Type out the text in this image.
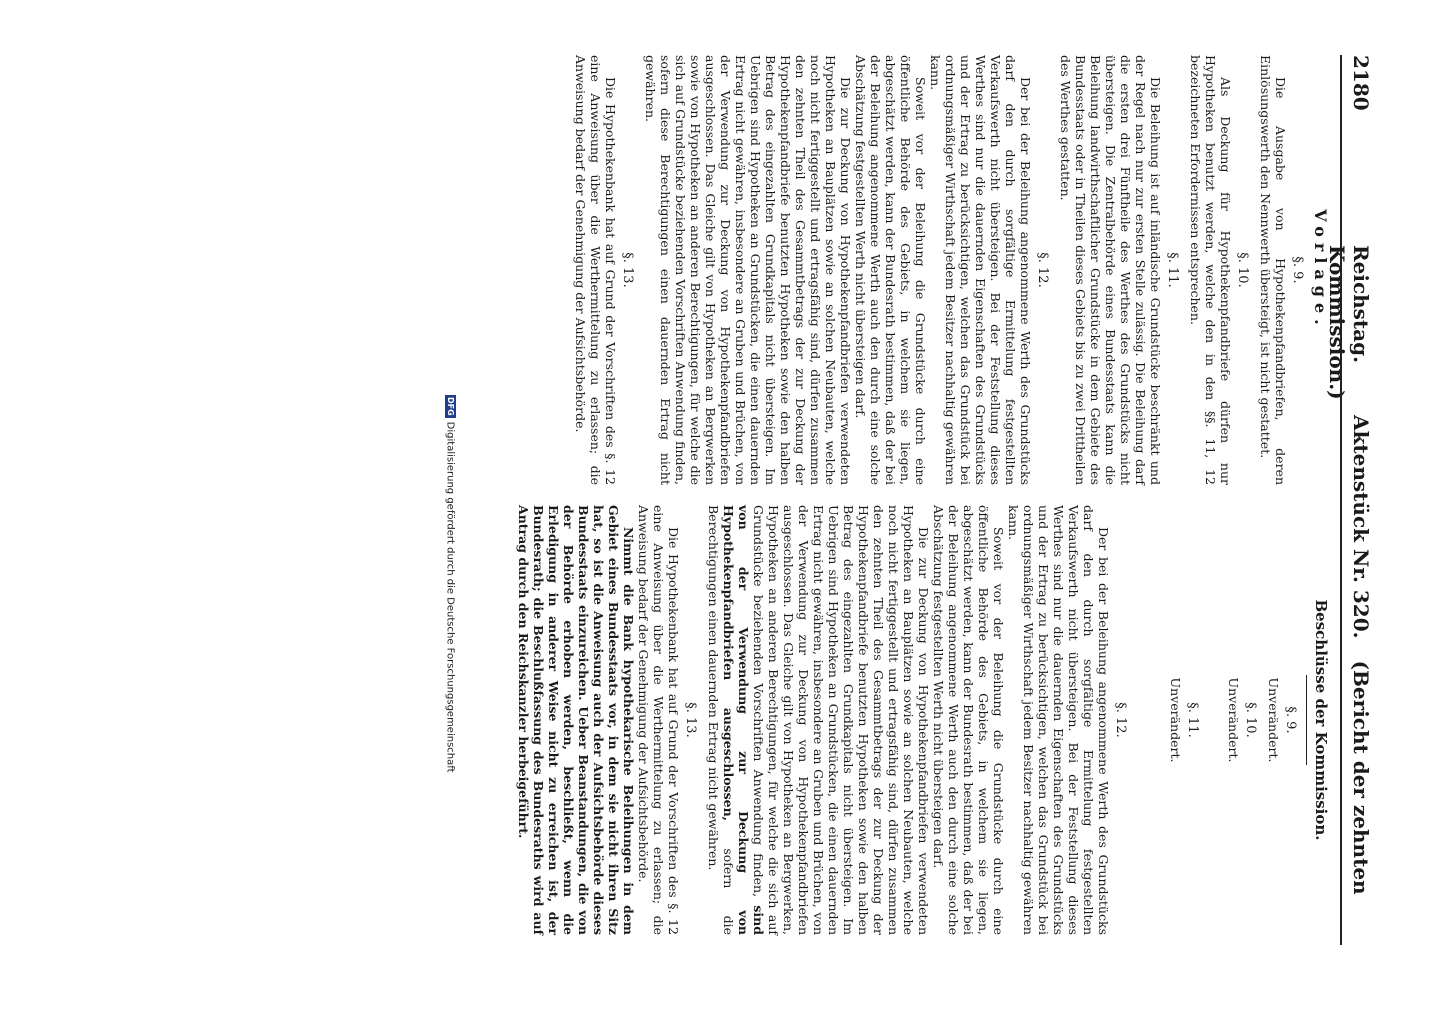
2180
Reichstag. Aktenstück Nr. 320. (Bericht der zehnten Kommission.)
Vorlage.
§. 9.

Die Ausgabe von Hypothekenpfandbriefen, deren Einlösungswerth den Nennwerth übersteigt, ist nicht gestattet.

§. 10.

Als Deckung für Hypothekenpfandbriefe dürfen nur Hypotheken benutzt werden, welche den in den §§. 11, 12 bezeichneten Erfordernissen entsprechen.

§. 11.

Die Beleihung ist auf inländische Grundstücke beschränkt und der Regel nach nur zur ersten Stelle zulässig. Die Beleihung darf die ersten drei Fünftheile des Werthes des Grundstücks nicht übersteigen. Die Zentralbehörde eines Bundesstaats kann die Beleihung landwirthschaftlicher Grundstücke in dem Gebiete des Bundesstaats oder in Theilen dieses Gebiets bis zu zwei Drittheilen des Werthes gestatten.

§. 12.

Der bei der Beleihung angenommene Werth des Grundstücks darf den durch sorgfältige Ermittelung festgestellten Verkaufswerth nicht übersteigen. Bei der Feststellung dieses Werthes sind nur die dauernden Eigenschaften des Grundstücks und der Ertrag zu berücksichtigen, welchen das Grundstück bei ordnungsmäßiger Wirthschaft jedem Besitzer nachhaltig gewähren kann.

Soweit vor der Beleihung die Grundstücke durch eine öffentliche Behörde des Gebiets, in welchem sie liegen, abgeschätzt werden, kann der Bundesrath bestimmen, daß der bei der Beleihung angenommene Werth auch den durch eine solche Abschätzung festgestellten Werth nicht übersteigen darf.

Die zur Deckung von Hypothekenpfandbriefen verwendeten Hypotheken an Bauplätzen sowie an solchen Neubauten, welche noch nicht fertiggestellt und ertragsfähig sind, dürfen zusammen den zehnten Theil des Gesammtbetrags der zur Deckung der Hypothekenpfandbriefe benutzten Hypotheken sowie den halben Betrag des eingezahlten Grundkapitals nicht übersteigen. Im Uebrigen sind Hypotheken an Grundstücken, die einen dauernden Ertrag nicht gewähren, insbesondere an Gruben und Brüchen, von der Verwendung zur Deckung von Hypothekenpfandbriefen ausgeschlossen. Das Gleiche gilt von Hypotheken an Bergwerken sowie von Hypotheken an anderen Berechtigungen, für welche die sich auf Grundstücke beziehenden Vorschriften Anwendung finden, sofern diese Berechtigungen einen dauernden Ertrag nicht gewähren.

§. 13.

Die Hypothekenbank hat auf Grund der Vorschriften des §. 12 eine Anweisung über die Werthermittelung zu erlassen; die Anweisung bedarf der Genehmigung der Aufsichtsbehörde.

Beschlüsse der Kommission.
§. 9.
Unverändert.
§. 10.
Unverändert.
§. 11.
Unverändert.
§. 12.

Der bei der Beleihung angenommene Werth des Grundstücks darf den durch sorgfältige Ermittelung festgestellten Verkaufswerth nicht übersteigen. Bei der Feststellung dieses Werthes sind nur die dauernden Eigenschaften des Grundstücks und der Ertrag zu berücksichtigen, welchen das Grundstück bei ordnungsmäßiger Wirthschaft jedem Besitzer nachhaltig gewähren kann.

Soweit vor der Beleihung die Grundstücke durch eine öffentliche Behörde des Gebiets, in welchem sie liegen, abgeschätzt werden, kann der Bundesrath bestimmen, daß der bei der Beleihung angenommene Werth auch den durch eine solche Abschätzung festgestellten Werth nicht übersteigen darf.

Die zur Deckung von Hypothekenpfandbriefen verwendeten Hypotheken an Bauplätzen sowie an solchen Neubauten, welche noch nicht fertiggestellt und ertragsfähig sind, dürfen zusammen den zehnten Theil des Gesammtbetrags der zur Deckung der Hypothekenpfandbriefe benutzten Hypotheken sowie den halben Betrag des eingezahlten Grundkapitals nicht übersteigen. Im Uebrigen sind Hypotheken an Grundstücken, die einen dauernden Ertrag nicht gewähren, insbesondere an Gruben und Brüchen, von der Verwendung zur Deckung von Hypothekenpfandbriefen ausgeschlossen. Das Gleiche gilt von Hypotheken an Bergwerken, Hypotheken an anderen Berechtigungen, für welche die sich auf Grundstücke beziehenden Vorschriften Anwendung finden, sind von der Verwendung zur Deckung von Hypothekenpfandbriefen ausgeschlossen, sofern die Berechtigungen einen dauernden Ertrag nicht gewähren.

§. 13.

Die Hypothekenbank hat auf Grund der Vorschriften des §. 12 eine Anweisung über die Werthermittelung zu erlassen; die Anweisung bedarf der Genehmigung der Aufsichtsbehörde.

Nimmt die Bank hypothekarische Beleihungen in dem Gebiet eines Bundesstaats vor, in dem sie nicht ihren Sitz hat, so ist die Anweisung auch der Aufsichtsbehörde dieses Bundesstaats einzureichen. Ueber Beanstandungen, die von der Behörde erhoben werden, beschließt, wenn die Erledigung in anderer Weise nicht zu erreichen ist, der Bundesrath; die Beschlußfassung des Bundesraths wird auf Antrag durch den Reichskanzler herbeigeführt.

DFGDigitalisierung gefördert durch die Deutsche Forschungsgemeinschaft
